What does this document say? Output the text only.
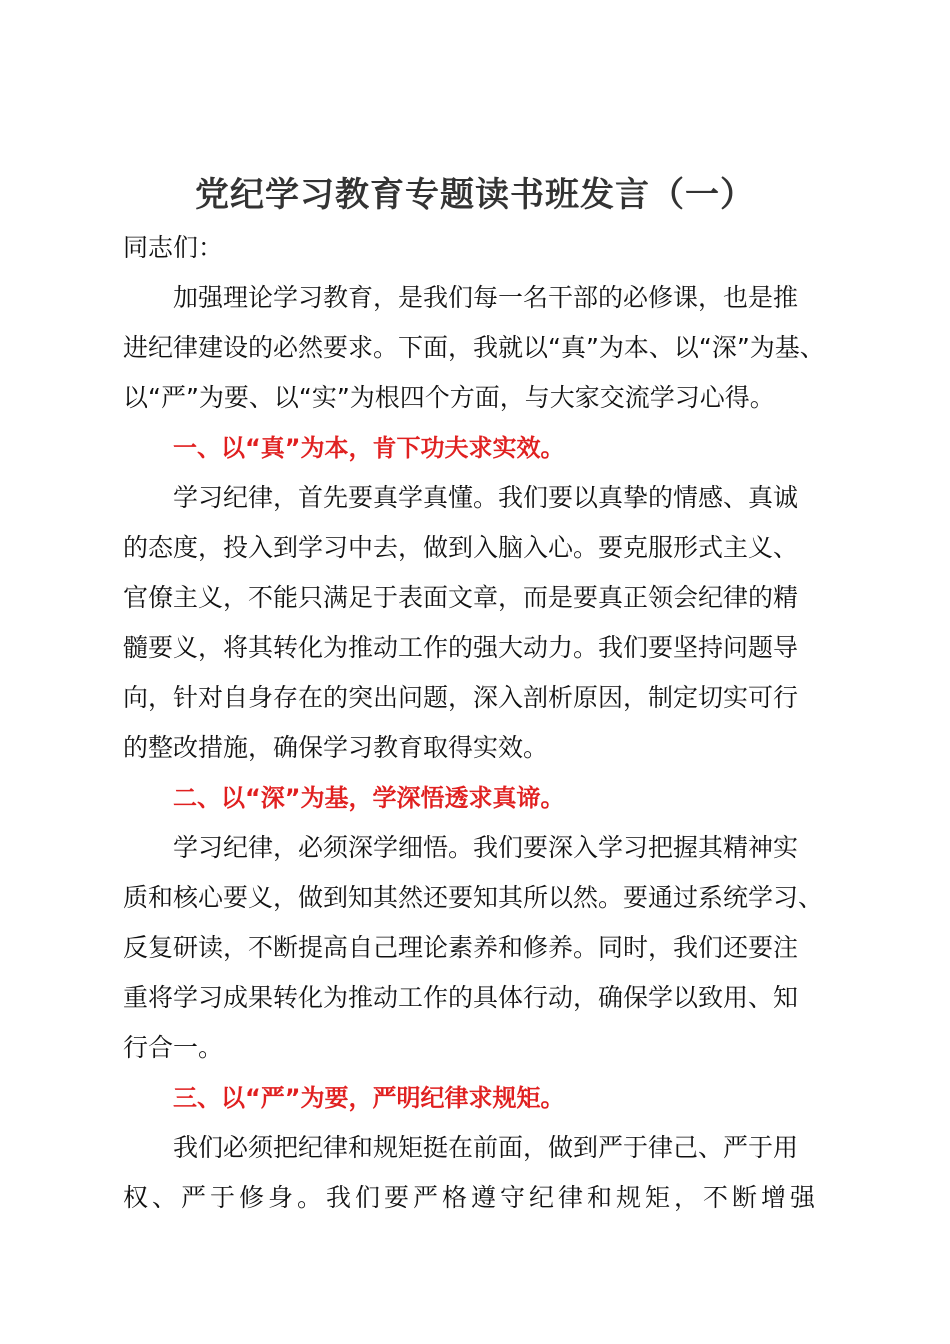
党纪学习教育专题读书班发言（一）
同志们：
加强理论学习教育，是我们每一名干部的必修课，也是推
进纪律建设的必然要求。下面，我就以“真”为本、以“深”为基、
以“严”为要、以“实”为根四个方面，与大家交流学习心得。
一、以“真”为本，肯下功夫求实效。
学习纪律，首先要真学真懂。我们要以真挚的情感、真诚
的态度，投入到学习中去，做到入脑入心。要克服形式主义、
官僚主义，不能只满足于表面文章，而是要真正领会纪律的精
髓要义，将其转化为推动工作的强大动力。我们要坚持问题导
向，针对自身存在的突出问题，深入剖析原因，制定切实可行
的整改措施，确保学习教育取得实效。
二、以“深”为基，学深悟透求真谛。
学习纪律，必须深学细悟。我们要深入学习把握其精神实
质和核心要义，做到知其然还要知其所以然。要通过系统学习、
反复研读，不断提高自己理论素养和修养。同时，我们还要注
重将学习成果转化为推动工作的具体行动，确保学以致用、知
行合一。
三、以“严”为要，严明纪律求规矩。
我们必须把纪律和规矩挺在前面，做到严于律己、严于用
权、严于修身。我们要严格遵守纪律和规矩，不断增强
